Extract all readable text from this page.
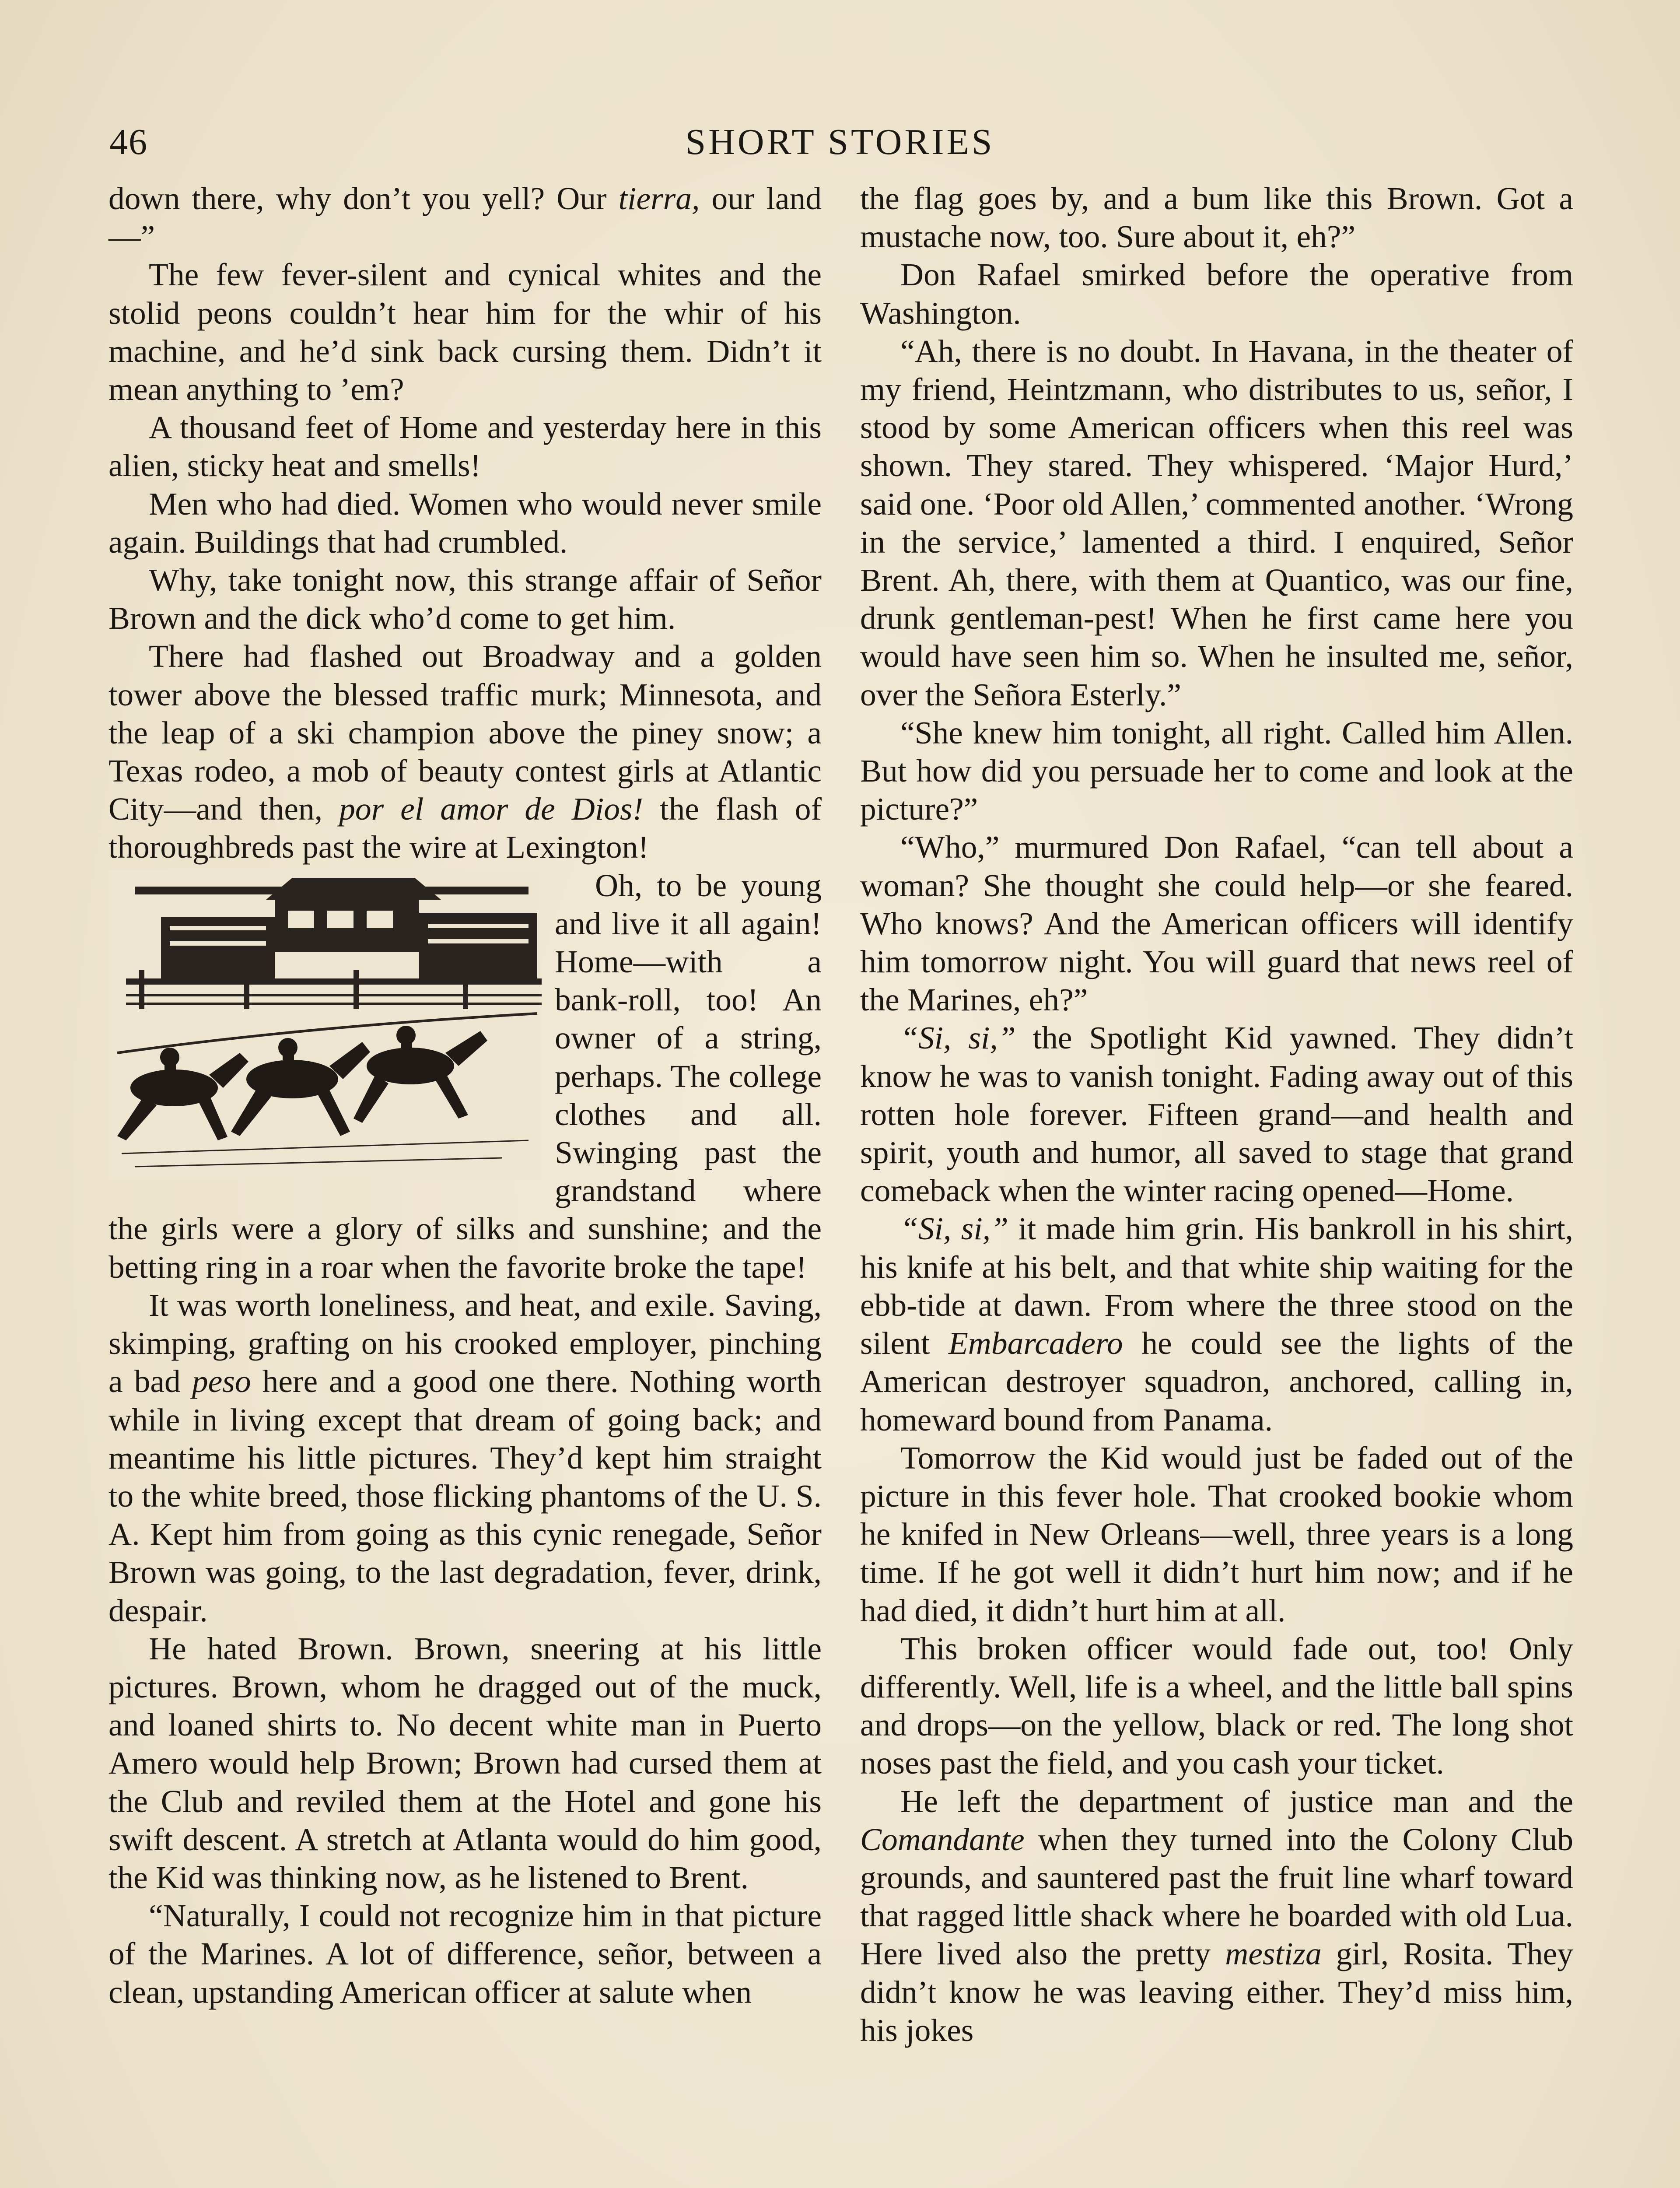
46	SHORT STORIES

down there, why don’t you yell? Our tierra, our land—”

The few fever-silent and cynical whites and the stolid peons couldn’t hear him for the whir of his machine, and he’d sink back cursing them. Didn’t it mean anything to ’em?

A thousand feet of Home and yesterday here in this alien, sticky heat and smells!

Men who had died. Women who would never smile again. Buildings that had crumbled.

Why, take tonight now, this strange affair of Señor Brown and the dick who’d come to get him.

There had flashed out Broadway and a golden tower above the blessed traffic murk; Minnesota, and the leap of a ski champion above the piney snow; a Texas rodeo, a mob of beauty contest girls at Atlantic City—and then, por el amor de Dios! the flash of thoroughbreds past the wire at Lexington!

Oh, to be young and live it all again! Home—with a bank-roll, too! An owner of a string, perhaps. The college clothes and all. Swinging past the grandstand where the girls were a glory of silks and sunshine; and the betting ring in a roar when the favorite broke the tape!

It was worth loneliness, and heat, and exile. Saving, skimping, grafting on his crooked employer, pinching a bad peso here and a good one there. Nothing worth while in living except that dream of going back; and meantime his little pictures. They’d kept him straight to the white breed, those flicking phantoms of the U. S. A. Kept him from going as this cynic renegade, Señor Brown was going, to the last degradation, fever, drink, despair.

He hated Brown. Brown, sneering at his little pictures. Brown, whom he dragged out of the muck, and loaned shirts to. No decent white man in Puerto Amero would help Brown; Brown had cursed them at the Club and reviled them at the Hotel and gone his swift descent. A stretch at Atlanta would do him good, the Kid was thinking now, as he listened to Brent.

“Naturally, I could not recognize him in that picture of the Marines. A lot of difference, señor, between a clean, upstanding American officer at salute when

the flag goes by, and a bum like this Brown. Got a mustache now, too. Sure about it, eh?”

Don Rafael smirked before the operative from Washington.

“Ah, there is no doubt. In Havana, in the theater of my friend, Heintzmann, who distributes to us, señor, I stood by some American officers when this reel was shown. They stared. They whispered. ‘Major Hurd,’ said one. ‘Poor old Allen,’ commented another. ‘Wrong in the service,’ lamented a third. I enquired, Señor Brent. Ah, there, with them at Quantico, was our fine, drunk gentleman-pest! When he first came here you would have seen him so. When he insulted me, señor, over the Señora Esterly.”

“She knew him tonight, all right. Called him Allen. But how did you persuade her to come and look at the picture?”

“Who,” murmured Don Rafael, “can tell about a woman? She thought she could help—or she feared. Who knows? And the American officers will identify him tomorrow night. You will guard that news reel of the Marines, eh?”

“Si, si,” the Spotlight Kid yawned. They didn’t know he was to vanish tonight. Fading away out of this rotten hole forever. Fifteen grand—and health and spirit, youth and humor, all saved to stage that grand comeback when the winter racing opened—Home.

“Si, si,” it made him grin. His bankroll in his shirt, his knife at his belt, and that white ship waiting for the ebb-tide at dawn. From where the three stood on the silent Embarcadero he could see the lights of the American destroyer squadron, anchored, calling in, homeward bound from Panama.

Tomorrow the Kid would just be faded out of the picture in this fever hole. That crooked bookie whom he knifed in New Orleans—well, three years is a long time. If he got well it didn’t hurt him now; and if he had died, it didn’t hurt him at all.

This broken officer would fade out, too! Only differently. Well, life is a wheel, and the little ball spins and drops—on the yellow, black or red. The long shot noses past the field, and you cash your ticket.

He left the department of justice man and the Comandante when they turned into the Colony Club grounds, and sauntered past the fruit line wharf toward that ragged little shack where he boarded with old Lua. Here lived also the pretty mestiza girl, Rosita. They didn’t know he was leaving either. They’d miss him, his jokes
